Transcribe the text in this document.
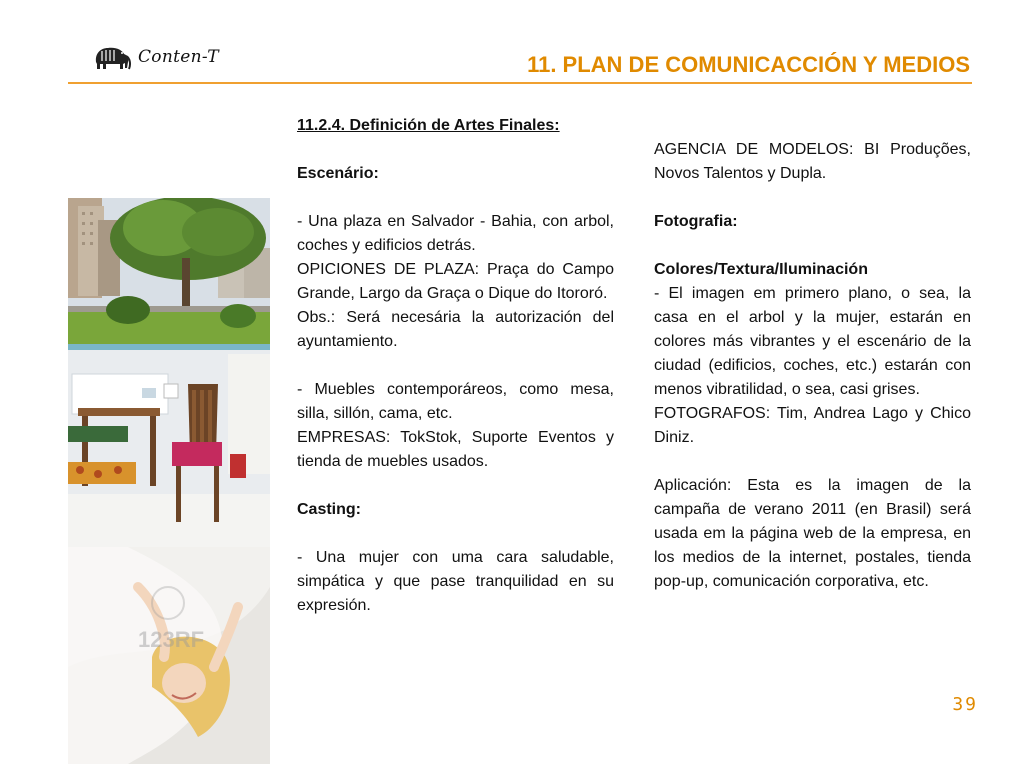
Conten-T	11. PLAN DE COMUNICACCIÓN Y MEDIOS
123RF

11.2.4. Definición de Artes Finales:

Escenário:

- Una plaza en Salvador - Bahia, con arbol, coches y edificios detrás.

OPICIONES DE PLAZA: Praça do Campo Grande, Largo da Graça o Dique do Itororó.

Obs.: Será necesária la autorización del ayuntamiento.

- Muebles contemporáreos, como mesa, silla, sillón, cama, etc.

EMPRESAS: TokStok, Suporte Eventos y tienda de muebles usados.

Casting:

- Una mujer con uma cara saludable, simpática y que pase tranquilidad en su expresión.

AGENCIA DE MODELOS: BI Produções, Novos Talentos y Dupla.

Fotografia:

Colores/Textura/Iluminación

- El imagen em primero plano, o sea, la casa en el arbol y la mujer, estarán en colores más vibrantes y el escenário de la ciudad (edificios, coches, etc.) estarán con menos vibratilidad, o sea, casi grises.

FOTOGRAFOS: Tim, Andrea Lago y Chico Diniz.

Aplicación: Esta es la imagen de la campaña de verano 2011 (en Brasil) será usada em la página web de la empresa, en los medios de la internet, postales, tienda pop-up, comunicación corporativa, etc.

39
